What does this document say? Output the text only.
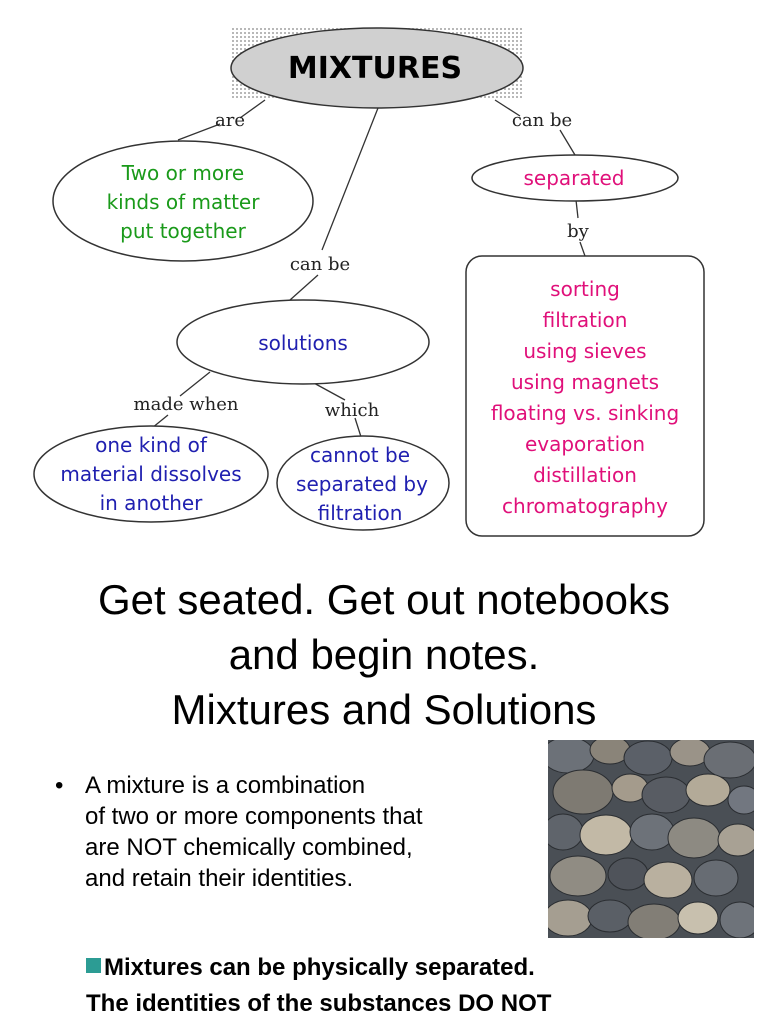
MIXTURES
are	can be
by
can be
made when	which
Two or more
kinds of matter
put together
separated
sorting
filtration
using sieves
using magnets
floating vs. sinking
evaporation
distillation
chromatography
solutions
one kind of
material dissolves
in another
cannot be
separated by
filtration
Get seated. Get out notebooks
and begin notes.
Mixtures and Solutions
• A mixture is a combination
of two or more components that
are NOT chemically combined,
and retain their identities.
Mixtures can be physically separated.
The identities of the substances DO NOT
